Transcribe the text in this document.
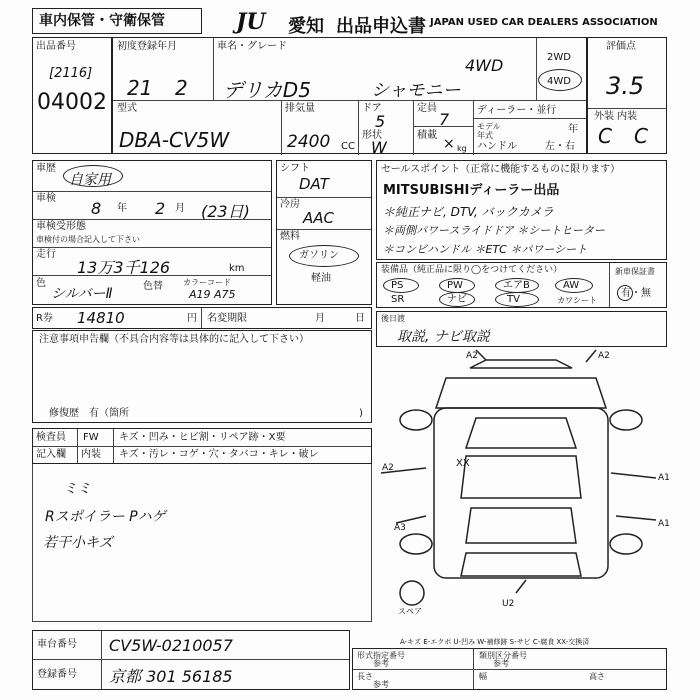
車内保管・守衛保管	JU	愛知 出品申込書 JAPAN USED CAR DEALERS ASSOCIATION
出品番号
[2116]
04002
初度登録年月	車名・グレード
21 2 デリカD5	シャモニー
4WD
型式
DBA-CV5W
排気量
2400 CC
ドア
5
形状
W
定員
7
積載
× kg
ディーラー・並行
モデル年式
年
ハンドル	左・右
2WD
4WD
評価点
3.5
外装 内装
C C
車歴
自家用
車検
8 年 2 月 (23日)
車検受形態
車検付の場合記入して下さい
走行
13万3千126	km
色
シルバーⅡ	色替	カラーコード
A19 A75
R券 14810	円 名変期限	月	日
注意事項申告欄（不具合内容等は具体的に記入して下さい）
修復歴　有（箇所	)
シフト
DAT
冷房
AAC
燃料
ガソリン
軽油
セールスポイント（正常に機能するものに限ります）
MITSUBISHIディーラー出品
＊純正ナビ, DTV, バックカメラ
＊両側パワースライドドア ＊シートヒーター
＊コンビハンドル ＊ETC ＊パワーシート
装備品（純正品に限り◯をつけてください）	新車保証書
有・無
PS	PW	エアB	AW
SR	ナビ	TV	カワシート
後日渡
取説, ナビ取説
A2	A2
XX
A1
A2
A3	A1
U2
スペア
検査員
記入欄
FW
内装
キズ・凹み・ヒビ割・リペア跡・X要
キズ・汚レ・コゲ・穴・タバコ・キレ・破レ
ミミ
Rスポイラー Pハゲ
若干小キズ
車台番号 CV5W-0210057
登録番号 京都 301 56185
A-キズ E-エクボ U-凹み W-補修跡 S-サビ C-腐食 XX-交換済
形式指定番号
参考
類別区分番号
参考
長さ	幅	高さ
参考
